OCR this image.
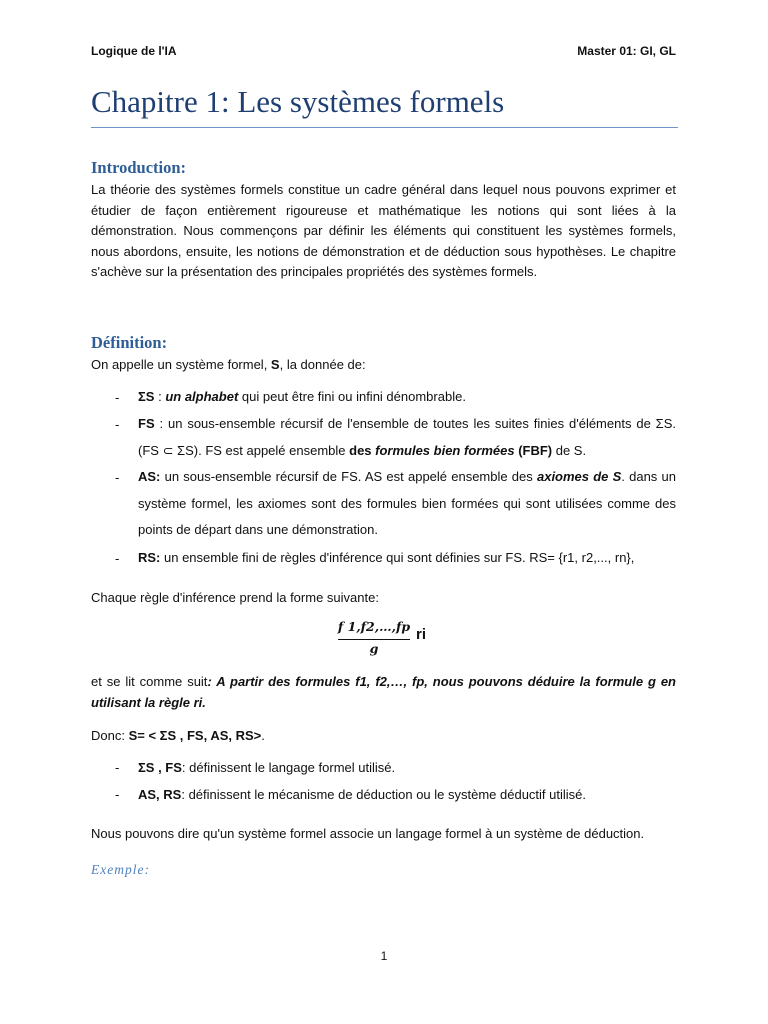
Logique de l'IA	Master 01: GI, GL
Chapitre 1: Les systèmes formels
Introduction:

La théorie des systèmes formels constitue un cadre général dans lequel nous pouvons exprimer et étudier de façon entièrement rigoureuse et mathématique les notions qui sont liées à la démonstration. Nous commençons par définir les éléments qui constituent les systèmes formels, nous abordons, ensuite, les notions de démonstration et de déduction sous hypothèses. Le chapitre s'achève sur la présentation des principales propriétés des systèmes formels.

Définition:

On appelle un système formel, S, la donnée de:

- ΣS : un alphabet qui peut être fini ou infini dénombrable.

- FS : un sous-ensemble récursif de l'ensemble de toutes les suites finies d'éléments de ΣS. (FS ⊂ ΣS). FS est appelé ensemble des formules bien formées (FBF) de S.

- AS: un sous-ensemble récursif de FS. AS est appelé ensemble des axiomes de S. dans un système formel, les axiomes sont des formules bien formées qui sont utilisées comme des points de départ dans une démonstration.

- RS: un ensemble fini de règles d'inférence qui sont définies sur FS. RS= {r1, r2,..., rn},

Chaque règle d'inférence prend la forme suivante:

f 1,f2,…,fp
g
ri

et se lit comme suit: A partir des formules f1, f2,…, fp, nous pouvons déduire la formule g en utilisant la règle ri.

Donc: S= < ΣS , FS, AS, RS>.

- ΣS , FS: définissent le langage formel utilisé.

- AS, RS: définissent le mécanisme de déduction ou le système déductif utilisé.

Nous pouvons dire qu'un système formel associe un langage formel à un système de déduction.

Exemple:

1
